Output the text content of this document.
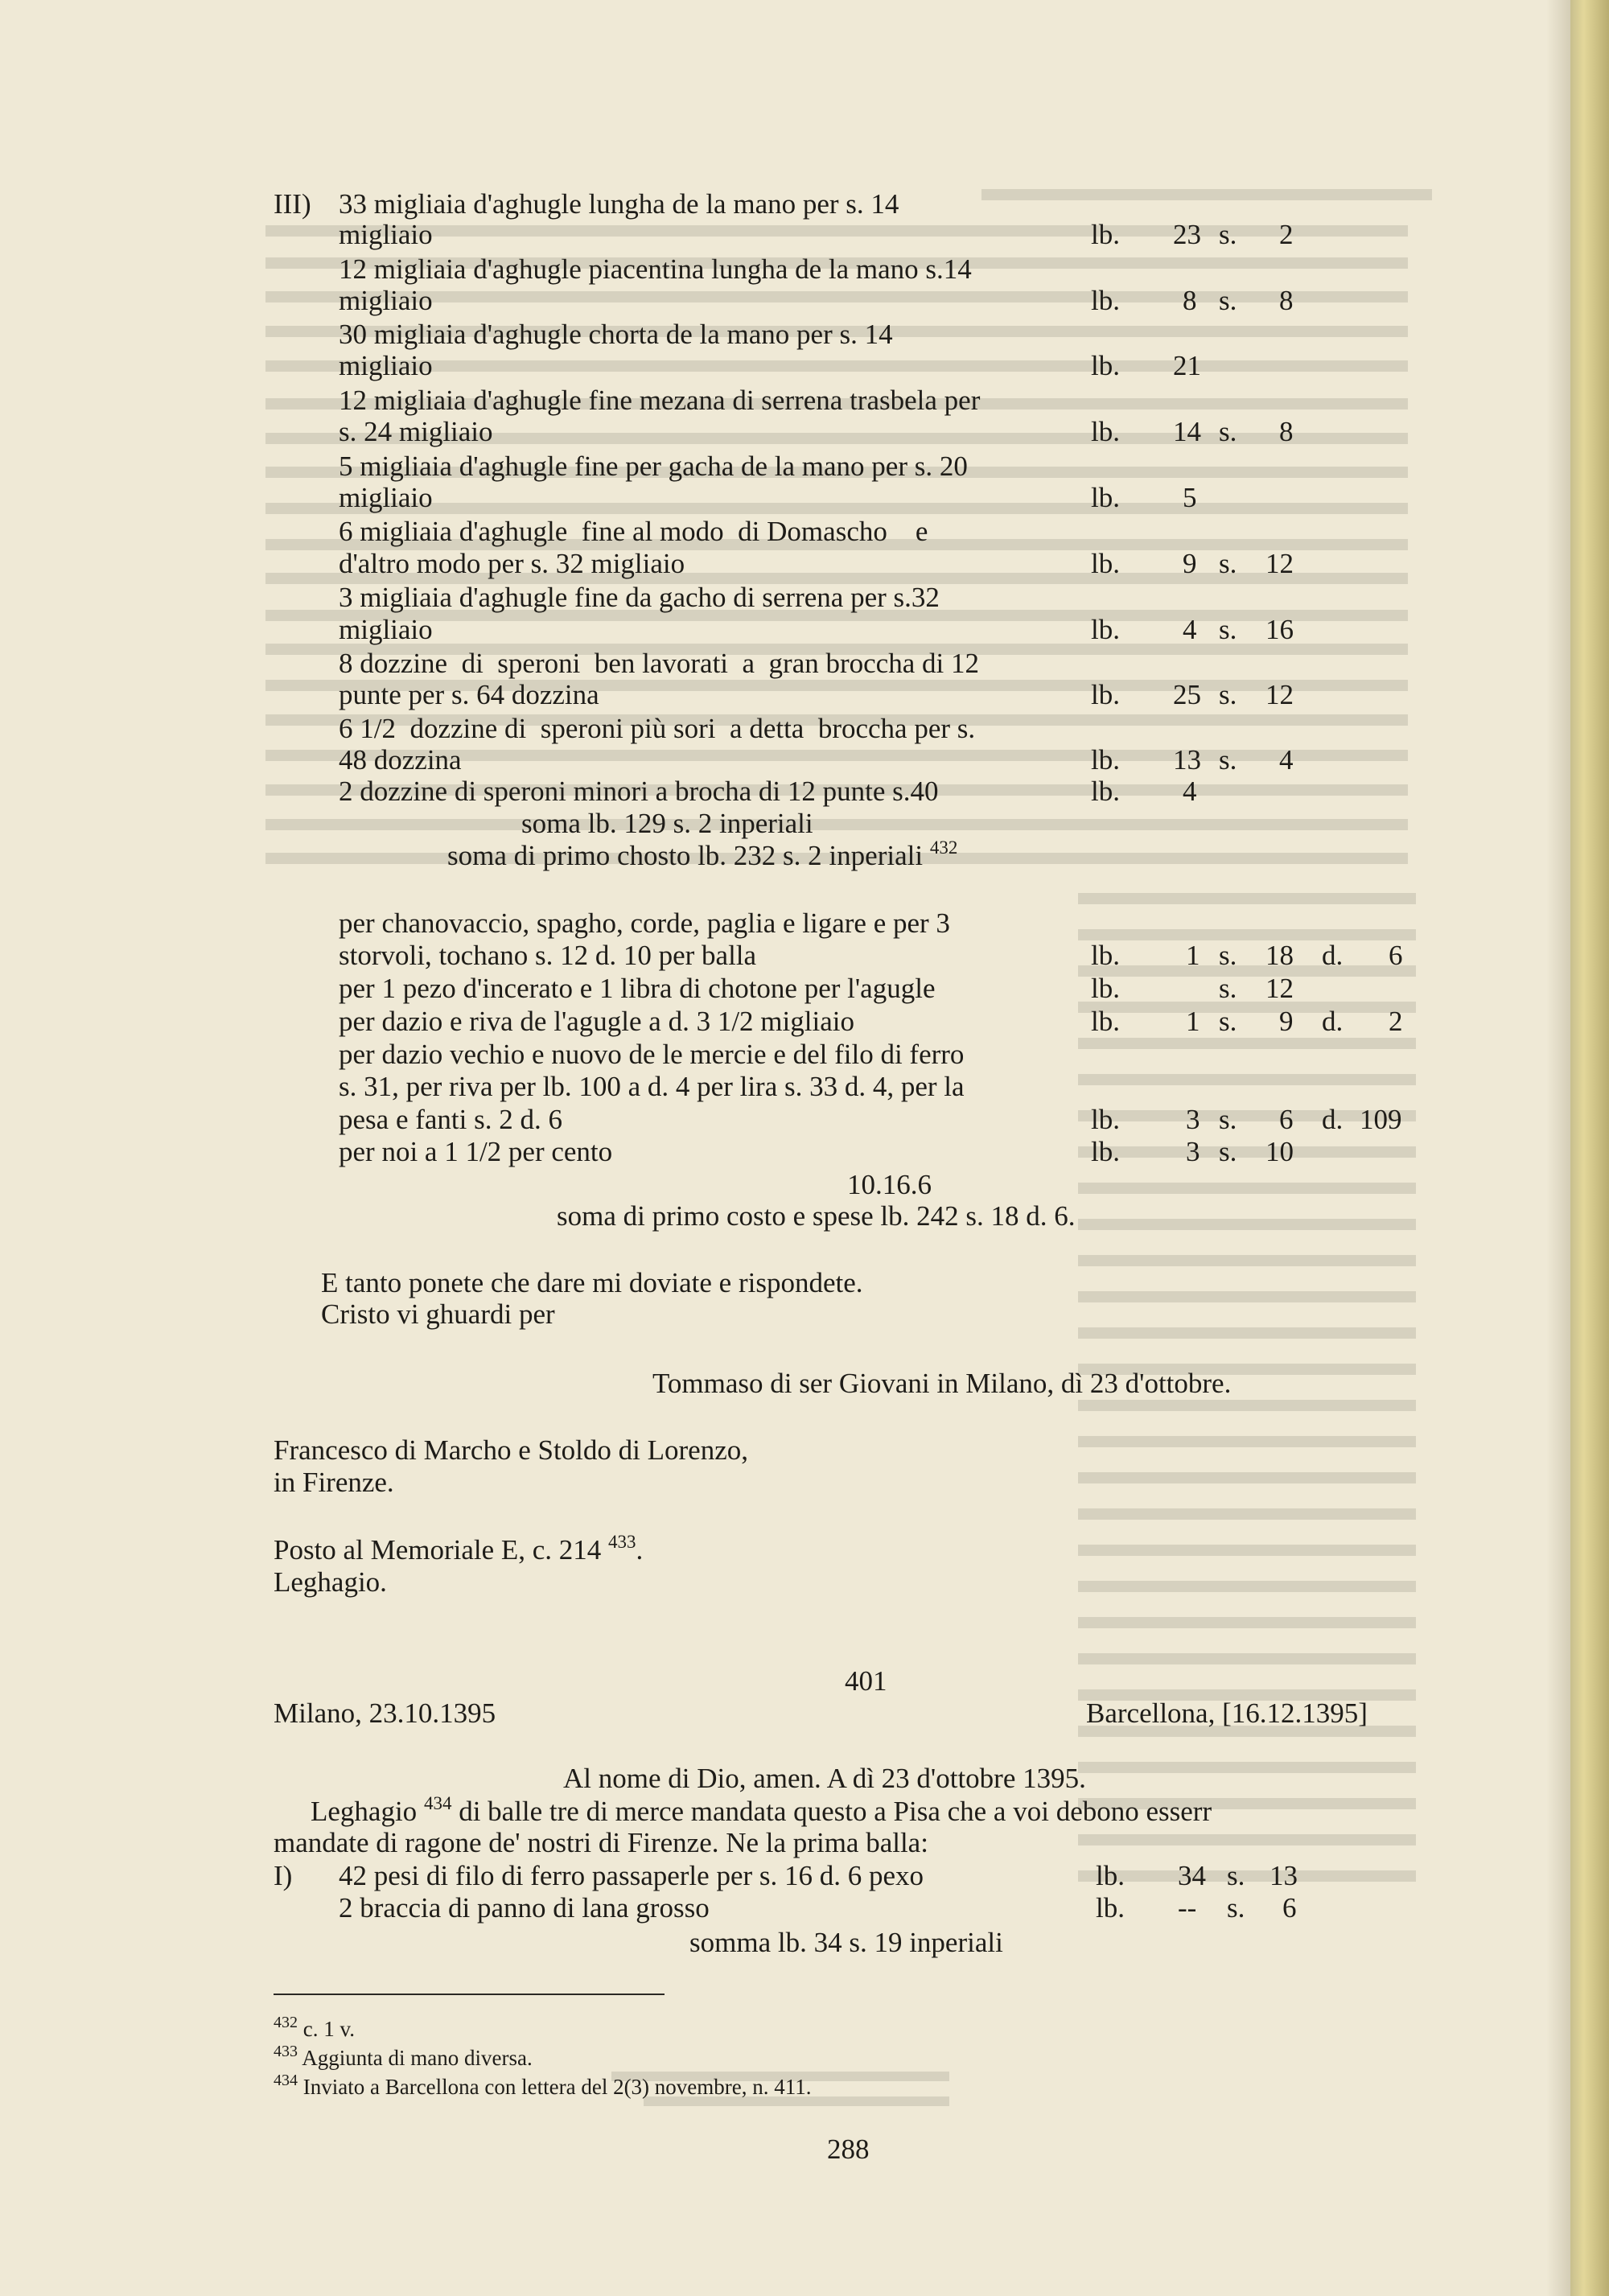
III) 33 migliaia d'aghugle lungha de la mano per s. 14
migliaio	lb. 23 s. 2
12 migliaia d'aghugle piacentina lungha de la mano s.14
migliaio	lb. 8 s. 8
30 migliaia d'aghugle chorta de la mano per s. 14
migliaio	lb. 21
12 migliaia d'aghugle fine mezana di serrena trasbela per
s. 24 migliaio	lb. 14 s. 8
5 migliaia d'aghugle fine per gacha de la mano per s. 20
migliaio	lb. 5
6 migliaia d'aghugle  fine al modo  di Domascho    e
d'altro modo per s. 32 migliaio	lb. 9 s. 12
3 migliaia d'aghugle fine da gacho di serrena per s.32
migliaio	lb. 4 s. 16
8 dozzine  di  speroni  ben lavorati  a  gran broccha di 12
punte per s. 64 dozzina	lb. 25 s. 12
6 1/2  dozzine di  speroni più sori  a detta  broccha per s.
48 dozzina	lb. 13 s. 4
2 dozzine di speroni minori a brocha di 12 punte s.40	lb. 4
soma lb. 129 s. 2 inperiali
soma di primo chosto lb. 232 s. 2 inperiali $^{432}$
per chanovaccio, spagho, corde, paglia e ligare e per 3
storvoli, tochano s. 12 d. 10 per balla	lb. 1 s. 18 d. 6
per 1 pezo d'incerato e 1 libra di chotone per l'agugle	lb.	s. 12
per dazio e riva de l'agugle a d. 3 1/2 migliaio	lb. 1 s. 9 d. 2
per dazio vechio e nuovo de le mercie e del filo di ferro
s. 31, per riva per lb. 100 a d. 4 per lira s. 33 d. 4, per la
pesa e fanti s. 2 d. 6	lb. 3 s. 6 d. 109
per noi a 1 1/2 per cento	lb. 3 s. 10
10.16.6
soma di primo costo e spese lb. 242 s. 18 d. 6.
E tanto ponete che dare mi doviate e rispondete.
Cristo vi ghuardi per
Tommaso di ser Giovani in Milano, dì 23 d'ottobre.
Francesco di Marcho e Stoldo di Lorenzo,
in Firenze.
Posto al Memoriale E, c. 214 $^{433}$.
Leghagio.
401
Milano, 23.10.1395	Barcellona, [16.12.1395]
Al nome di Dio, amen. A dì 23 d'ottobre 1395.
Leghagio $^{434}$ di balle tre di merce mandata questo a Pisa che a voi debono esserr
mandate di ragone de' nostri di Firenze. Ne la prima balla:
I) 42 pesi di filo di ferro passaperle per s. 16 d. 6 pexo	lb. 34 s. 13
2 braccia di panno di lana grosso	lb. -- s. 6
somma lb. 34 s. 19 inperiali
$^{432}$ c. 1 v.
$^{433}$ Aggiunta di mano diversa.
$^{434}$ Inviato a Barcellona con lettera del 2(3) novembre, n. 411.
288
